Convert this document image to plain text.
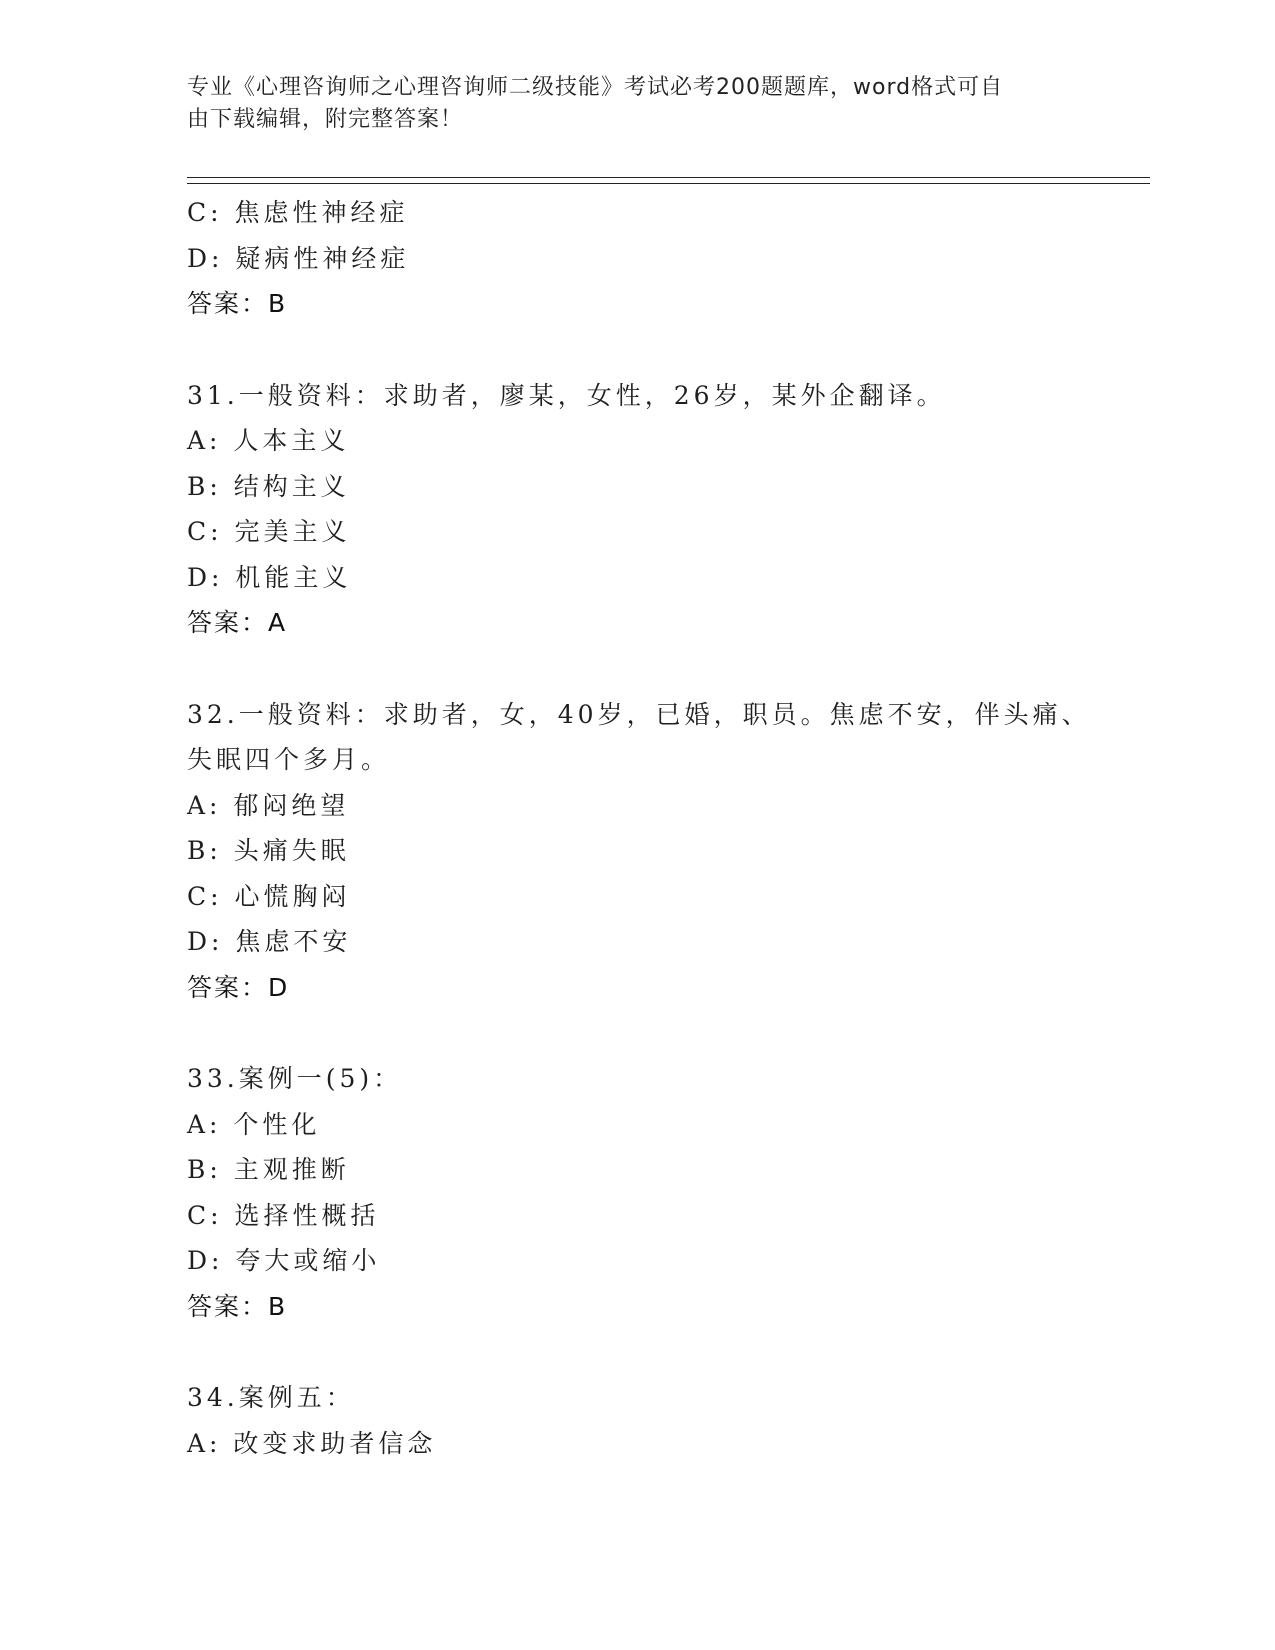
专业《心理咨询师之心理咨询师二级技能》考试必考200题题库，word格式可自
由下载编辑，附完整答案！
C: 焦虑性神经症
D: 疑病性神经症
答案：B
31.一般资料：求助者，廖某，女性，26岁，某外企翻译。
A: 人本主义
B: 结构主义
C: 完美主义
D: 机能主义
答案：A
32.一般资料：求助者，女，40岁，已婚，职员。焦虑不安，伴头痛、
失眠四个多月。
A: 郁闷绝望
B: 头痛失眠
C: 心慌胸闷
D: 焦虑不安
答案：D
33.案例一(5)：
A: 个性化
B: 主观推断
C: 选择性概括
D: 夸大或缩小
答案：B
34.案例五：
A: 改变求助者信念
